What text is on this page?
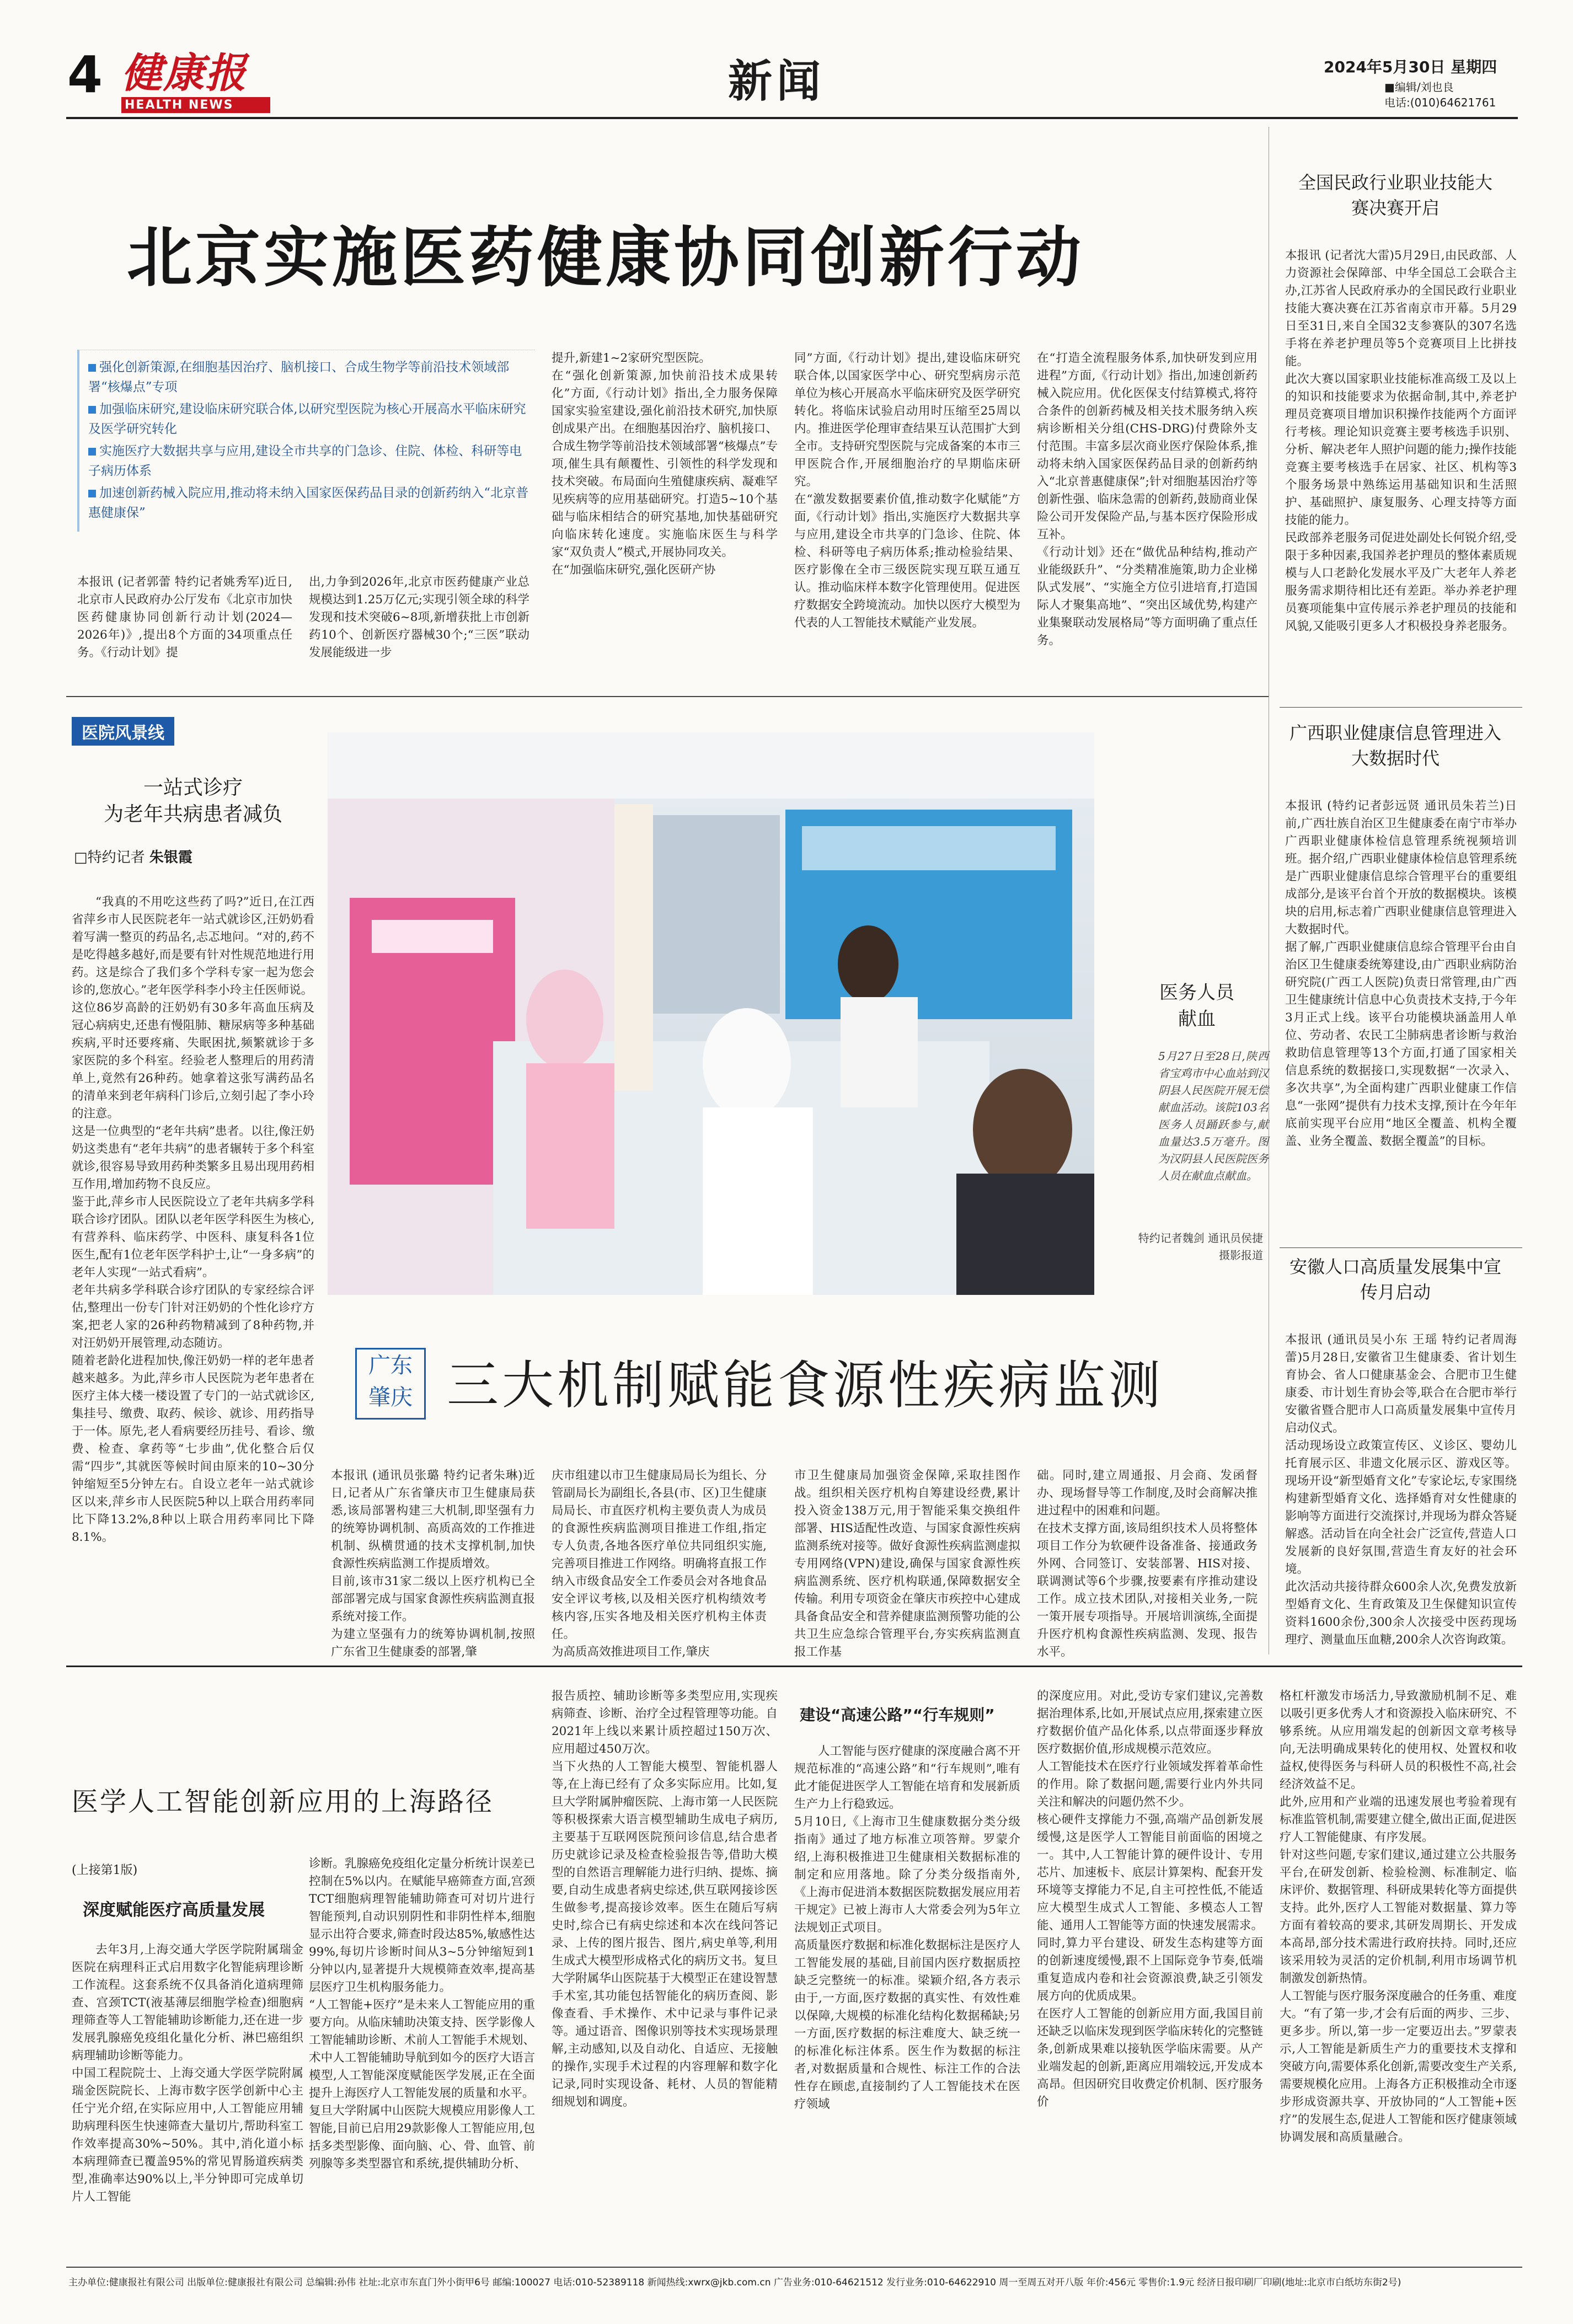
4 健康报
HEALTH NEWS	新闻	2024年5月30日 星期四
■编辑/刘也良
电话:(010)64621761
北京实施医药健康协同创新行动
强化创新策源,在细胞基因治疗、脑机接口、合成生物学等前沿技术领域部署“核爆点”专项
加强临床研究,建设临床研究联合体,以研究型医院为核心开展高水平临床研究及医学研究转化
实施医疗大数据共享与应用,建设全市共享的门急诊、住院、体检、科研等电子病历体系
加速创新药械入院应用,推动将未纳入国家医保药品目录的创新药纳入“北京普惠健康保”

本报讯 (记者郭蕾 特约记者姚秀军)近日,北京市人民政府办公厅发布《北京市加快医药健康协同创新行动计划(2024—2026年)》,提出8个方面的34项重点任务。《行动计划》提

出,力争到2026年,北京市医药健康产业总规模达到1.25万亿元;实现引领全球的科学发现和技术突破6~8项,新增获批上市创新药10个、创新医疗器械30个;“三医”联动发展能级进一步

提升,新建1~2家研究型医院。
在“强化创新策源,加快前沿技术成果转化”方面,《行动计划》指出,全力服务保障国家实验室建设,强化前沿技术研究,加快原创成果产出。在细胞基因治疗、脑机接口、合成生物学等前沿技术领域部署“核爆点”专项,催生具有颠覆性、引领性的科学发现和技术突破。布局面向生殖健康疾病、凝难罕见疾病等的应用基础研究。打造5~10个基础与临床相结合的研究基地,加快基础研究向临床转化速度。实施临床医生与科学家“双负责人”模式,开展协同攻关。
在“加强临床研究,强化医研产协

同”方面,《行动计划》提出,建设临床研究联合体,以国家医学中心、研究型病房示范单位为核心开展高水平临床研究及医学研究转化。将临床试验启动用时压缩至25周以内。推进医学伦理审查结果互认范围扩大到全市。支持研究型医院与完成备案的本市三甲医院合作,开展细胞治疗的早期临床研究。
在“激发数据要素价值,推动数字化赋能”方面,《行动计划》指出,实施医疗大数据共享与应用,建设全市共享的门急诊、住院、体检、科研等电子病历体系;推动检验结果、医疗影像在全市三级医院实现互联互通互认。推动临床样本数字化管理使用。促进医疗数据安全跨境流动。加快以医疗大模型为代表的人工智能技术赋能产业发展。

在“打造全流程服务体系,加快研发到应用进程”方面,《行动计划》指出,加速创新药械入院应用。优化医保支付结算模式,将符合条件的创新药械及相关技术服务纳入疾病诊断相关分组(CHS-DRG)付费除外支付范围。丰富多层次商业医疗保险体系,推动将未纳入国家医保药品目录的创新药纳入“北京普惠健康保”;针对细胞基因治疗等创新性强、临床急需的创新药,鼓励商业保险公司开发保险产品,与基本医疗保险形成互补。
《行动计划》还在“做优品种结构,推动产业能级跃升”、“分类精准施策,助力企业梯队式发展”、“实施全方位引进培育,打造国际人才聚集高地”、“突出区域优势,构建产业集聚联动发展格局”等方面明确了重点任务。

全国民政行业职业技能大赛决赛开启

本报讯 (记者沈大雷)5月29日,由民政部、人力资源社会保障部、中华全国总工会联合主办,江苏省人民政府承办的全国民政行业职业技能大赛决赛在江苏省南京市开幕。5月29日至31日,来自全国32支参赛队的307名选手将在养老护理员等5个竞赛项目上比拼技能。
此次大赛以国家职业技能标准高级工及以上的知识和技能要求为依据命制,其中,养老护理员竞赛项目增加识积操作技能两个方面评行考核。理论知识竞赛主要考核选手识别、分析、解决老年人照护问题的能力;操作技能竞赛主要考核选手在居家、社区、机构等3个服务场景中熟练运用基础知识和生活照护、基础照护、康复服务、心理支持等方面技能的能力。
民政部养老服务司促进处副处长何锐介绍,受限于多种因素,我国养老护理员的整体素质规模与人口老龄化发展水平及广大老年人养老服务需求期待相比还有差距。举办养老护理员赛项能集中宣传展示养老护理员的技能和风貌,又能吸引更多人才积极投身养老服务。

广西职业健康信息管理进入大数据时代

本报讯 (特约记者彭远贤 通讯员朱若兰)日前,广西壮族自治区卫生健康委在南宁市举办广西职业健康体检信息管理系统视频培训班。据介绍,广西职业健康体检信息管理系统是广西职业健康信息综合管理平台的重要组成部分,是该平台首个开放的数据模块。该模块的启用,标志着广西职业健康信息管理进入大数据时代。
据了解,广西职业健康信息综合管理平台由自治区卫生健康委统筹建设,由广西职业病防治研究院(广西工人医院)负责日常管理,由广西卫生健康统计信息中心负责技术支持,于今年3月正式上线。该平台功能模块涵盖用人单位、劳动者、农民工尘肺病患者诊断与救治救助信息管理等13个方面,打通了国家相关信息系统的数据接口,实现数据“一次录入、多次共享”,为全面构建广西职业健康工作信息“一张网”提供有力技术支撑,预计在今年年底前实现平台应用“地区全覆盖、机构全覆盖、业务全覆盖、数据全覆盖”的目标。

安徽人口高质量发展集中宣传月启动

本报讯 (通讯员吴小东 王瑶 特约记者周海蕾)5月28日,安徽省卫生健康委、省计划生育协会、省人口健康基金会、合肥市卫生健康委、市计划生育协会等,联合在合肥市举行安徽省暨合肥市人口高质量发展集中宣传月启动仪式。
活动现场设立政策宣传区、义诊区、婴幼儿托育展示区、非遗文化展示区、游戏区等。现场开设“新型婚育文化”专家论坛,专家围绕构建新型婚育文化、选择婚育对女性健康的影响等方面进行交流探讨,并现场为群众答疑解惑。活动旨在向全社会广泛宣传,营造人口发展新的良好氛围,营造生育友好的社会环境。
此次活动共接待群众600余人次,免费发放新型婚育文化、生育政策及卫生保健知识宣传资料1600余份,300余人次接受中医药现场理疗、测量血压血糖,200余人次咨询政策。

医院风景线
一站式诊疗
为老年共病患者减负
□特约记者 朱银霞

“我真的不用吃这些药了吗?”近日,在江西省萍乡市人民医院老年一站式就诊区,汪奶奶看着写满一整页的药品名,忐忑地问。“对的,药不是吃得越多越好,而是要有针对性规范地进行用药。这是综合了我们多个学科专家一起为您会诊的,您放心。”老年医学科李小玲主任医师说。
这位86岁高龄的汪奶奶有30多年高血压病及冠心病病史,还患有慢阻肺、糖尿病等多种基础疾病,平时还要疼痛、失眠困扰,频繁就诊于多家医院的多个科室。经验老人整理后的用药清单上,竟然有26种药。她拿着这张写满药品名的清单来到老年病科门诊后,立刻引起了李小玲的注意。
这是一位典型的“老年共病”患者。以往,像汪奶奶这类患有“老年共病”的患者辗转于多个科室就诊,很容易导致用药种类繁多且易出现用药相互作用,增加药物不良反应。
鉴于此,萍乡市人民医院设立了老年共病多学科联合诊疗团队。团队以老年医学科医生为核心,有营养科、临床药学、中医科、康复科各1位医生,配有1位老年医学科护士,让“一身多病”的老年人实现“一站式看病”。
老年共病多学科联合诊疗团队的专家经综合评估,整理出一份专门针对汪奶奶的个性化诊疗方案,把老人家的26种药物精减到了8种药物,并对汪奶奶开展管理,动态随访。
随着老龄化进程加快,像汪奶奶一样的老年患者越来越多。为此,萍乡市人民医院为老年患者在医疗主体大楼一楼设置了专门的一站式就诊区,集挂号、缴费、取药、候诊、就诊、用药指导于一体。原先,老人看病要经历挂号、看诊、缴费、检查、拿药等“七步曲”,优化整合后仅需“四步”,其就医等候时间由原来的10~30分钟缩短至5分钟左右。自设立老年一站式就诊区以来,萍乡市人民医院5种以上联合用药率同比下降13.2%,8种以上联合用药率同比下降8.1%。

医务人员
献血
5月27日至28日,陕西省宝鸡市中心血站到汉阴县人民医院开展无偿献血活动。该院103名医务人员踊跃参与,献血量达3.5万毫升。图为汉阴县人民医院医务人员在献血点献血。
特约记者魏剑 通讯员侯捷摄影报道
广东
肇庆 三大机制赋能食源性疾病监测

本报讯 (通讯员张璐 特约记者朱琳)近日,记者从广东省肇庆市卫生健康局获悉,该局部署构建三大机制,即坚强有力的统筹协调机制、高质高效的工作推进机制、纵横贯通的技术支撑机制,加快食源性疾病监测工作提质增效。
目前,该市31家二级以上医疗机构已全部部署完成与国家食源性疾病监测直报系统对接工作。
为建立坚强有力的统筹协调机制,按照广东省卫生健康委的部署,肇

庆市组建以市卫生健康局局长为组长、分管副局长为副组长,各县(市、区)卫生健康局局长、市直医疗机构主要负责人为成员的食源性疾病监测项目推进工作组,指定专人负责,各地各医疗单位共同组织实施,完善项目推进工作网络。明确将直报工作纳入市级食品安全工作委员会对各地食品安全评议考核,以及相关医疗机构绩效考核内容,压实各地及相关医疗机构主体责任。
为高质高效推进项目工作,肇庆

市卫生健康局加强资金保障,采取挂图作战。组织相关医疗机构自筹建设经费,累计投入资金138万元,用于智能采集交换组件部署、HIS适配性改造、与国家食源性疾病监测系统对接等。做好食源性疾病监测虚拟专用网络(VPN)建设,确保与国家食源性疾病监测系统、医疗机构联通,保障数据安全传输。利用专项资金在肇庆市疾控中心建成具备食品安全和营养健康监测预警功能的公共卫生应急综合管理平台,夯实疾病监测直报工作基

础。同时,建立周通报、月会商、发函督办、现场督导等工作制度,及时会商解决推进过程中的困难和问题。
在技术支撑方面,该局组织技术人员将整体项目工作分为软硬件设备准备、接通政务外网、合同签订、安装部署、HIS对接、联调测试等6个步骤,按要素有序推动建设工作。成立技术团队,对接相关业务,一院一策开展专项指导。开展培训演练,全面提升医疗机构食源性疾病监测、发现、报告水平。

医学人工智能创新应用的上海路径
(上接第1版)
深度赋能医疗高质量发展

去年3月,上海交通大学医学院附属瑞金医院在病理科正式启用数字化智能病理诊断工作流程。这套系统不仅具备消化道病理筛查、宫颈TCT(液基薄层细胞学检查)细胞病理筛查等人工智能辅助诊断能力,还在进一步发展乳腺癌免疫组化量化分析、淋巴癌组织病理辅助诊断等能力。
中国工程院院士、上海交通大学医学院附属瑞金医院院长、上海市数字医学创新中心主任宁光介绍,在实际应用中,人工智能应用辅助病理科医生快速筛查大量切片,帮助科室工作效率提高30%~50%。其中,消化道小标本病理筛查已覆盖95%的常见胃肠道疾病类型,准确率达90%以上,半分钟即可完成单切片人工智能

诊断。乳腺癌免疫组化定量分析统计误差已控制在5%以内。在赋能早癌筛查方面,宫颈TCT细胞病理智能辅助筛查可对切片进行智能预判,自动识别阴性和非阴性样本,细胞显示出符合要求,筛查时段达85%,敏感性达99%,每切片诊断时间从3~5分钟缩短到1分钟以内,显著提升大规模筛查效率,提高基层医疗卫生机构服务能力。
“人工智能+医疗”是未来人工智能应用的重要方向。从临床辅助决策支持、医学影像人工智能辅助诊断、术前人工智能手术规划、术中人工智能辅助导航到如今的医疗大语言模型,人工智能深度赋能医学发展,正在全面提升上海医疗人工智能发展的质量和水平。
复旦大学附属中山医院大规模应用影像人工智能,目前已启用29款影像人工智能应用,包括多类型影像、面向脑、心、骨、血管、前列腺等多类型器官和系统,提供辅助分析、

报告质控、辅助诊断等多类型应用,实现疾病筛查、诊断、治疗全过程管理等功能。自2021年上线以来累计质控超过150万次、应用超过450万次。
当下火热的人工智能大模型、智能机器人等,在上海已经有了众多实际应用。比如,复旦大学附属肿瘤医院、上海市第一人民医院等积极探索大语言模型辅助生成电子病历,主要基于互联网医院预问诊信息,结合患者历史就诊记录及检查检验报告等,借助大模型的自然语言理解能力进行归纳、提炼、摘要,自动生成患者病史综述,供互联网接诊医生做参考,提高接诊效率。医生在随后写病史时,综合已有病史综述和本次在线问答记录、上传的图片报告、图片,病史单等,利用生成式大模型形成格式化的病历文书。复旦大学附属华山医院基于大模型正在建设智慧手术室,其功能包括智能化的病历查阅、影像查看、手术操作、术中记录与事件记录等。通过语音、图像识别等技术实现场景理解,主动感知,以及自动化、自适应、无接触的操作,实现手术过程的内容理解和数字化记录,同时实现设备、耗材、人员的智能精细规划和调度。

建设“高速公路”“行车规则”

人工智能与医疗健康的深度融合离不开规范标准的“高速公路”和“行车规则”,唯有此才能促进医学人工智能在培育和发展新质生产力上行稳致远。
5月10日,《上海市卫生健康数据分类分级指南》通过了地方标准立项答辩。罗蒙介绍,上海积极推进卫生健康相关数据标准的制定和应用落地。除了分类分级指南外,《上海市促进消本数据医院数据发展应用若干规定》已被上海市人大常委会列为5年立法规划正式项目。
高质量医疗数据和标准化数据标注是医疗人工智能发展的基础,目前国内医疗数据质控缺乏完整统一的标准。梁颖介绍,各方表示由于,一方面,医疗数据的真实性、有效性难以保障,大规模的标准化结构化数据稀缺;另一方面,医疗数据的标注难度大、缺乏统一的标准化标注体系。医生作为数据的标注者,对数据质量和合规性、标注工作的合法性存在顾虑,直接制约了人工智能技术在医疗领域

的深度应用。对此,受访专家们建议,完善数据治理体系,比如,开展试点应用,探索建立医疗数据价值产品化体系,以点带面逐步释放医疗数据价值,形成规模示范效应。
人工智能技术在医疗行业领域发挥着革命性的作用。除了数据问题,需要行业内外共同关注和解决的问题仍然不少。
核心硬件支撑能力不强,高端产品创新发展缓慢,这是医学人工智能目前面临的困境之一。其中,人工智能计算的硬件设计、专用芯片、加速板卡、底层计算架构、配套开发环境等支撑能力不足,自主可控性低,不能适应大模型生成式人工智能、多模态人工智能、通用人工智能等方面的快速发展需求。同时,算力平台建设、研发生态构建等方面的创新速度缓慢,跟不上国际竞争节奏,低端重复造成内卷和社会资源浪费,缺乏引领发展方向的优质成果。
在医疗人工智能的创新应用方面,我国目前还缺乏以临床发现到医学临床转化的完整链条,创新成果难以接轨医学临床需要。从产业端发起的创新,距离应用端较远,开发成本高昂。但因研究目收费定价机制、医疗服务价

格杠杆激发市场活力,导致激励机制不足、难以吸引更多优秀人才和资源投入临床研究、不够系统。从应用端发起的创新因文章考核导向,无法明确成果转化的使用权、处置权和收益权,使得医务与科研人员的积极性不高,社会经济效益不足。
此外,应用和产业端的迅速发展也考验着现有标准监管机制,需要建立健全,做出正面,促进医疗人工智能健康、有序发展。
针对这些问题,专家们建议,通过建立公共服务平台,在研发创新、检验检测、标准制定、临床评价、数据管理、科研成果转化等方面提供支持。此外,医疗人工智能对数据量、算力等方面有着较高的要求,其研发周期长、开发成本高昂,部分技术需进行政府扶持。同时,还应该采用较为灵活的定价机制,利用市场调节机制激发创新热情。
人工智能与医疗服务深度融合的任务重、难度大。“有了第一步,才会有后面的两步、三步、更多步。所以,第一步一定要迈出去。”罗蒙表示,人工智能是新质生产力的重要技术支撑和突破方向,需要体系化创新,需要改变生产关系,需要规模化应用。上海各方正积极推动全市逐步形成资源共享、开放协同的“人工智能+医疗”的发展生态,促进人工智能和医疗健康领域协调发展和高质量融合。

主办单位:健康报社有限公司 出版单位:健康报社有限公司 总编辑:孙伟 社址:北京市东直门外小街甲6号 邮编:100027 电话:010-52389118 新闻热线:xwrx@jkb.com.cn 广告业务:010-64621512 发行业务:010-64622910 周一至周五对开八版 年价:456元 零售价:1.9元 经济日报印刷厂印刷(地址:北京市白纸坊东街2号)
